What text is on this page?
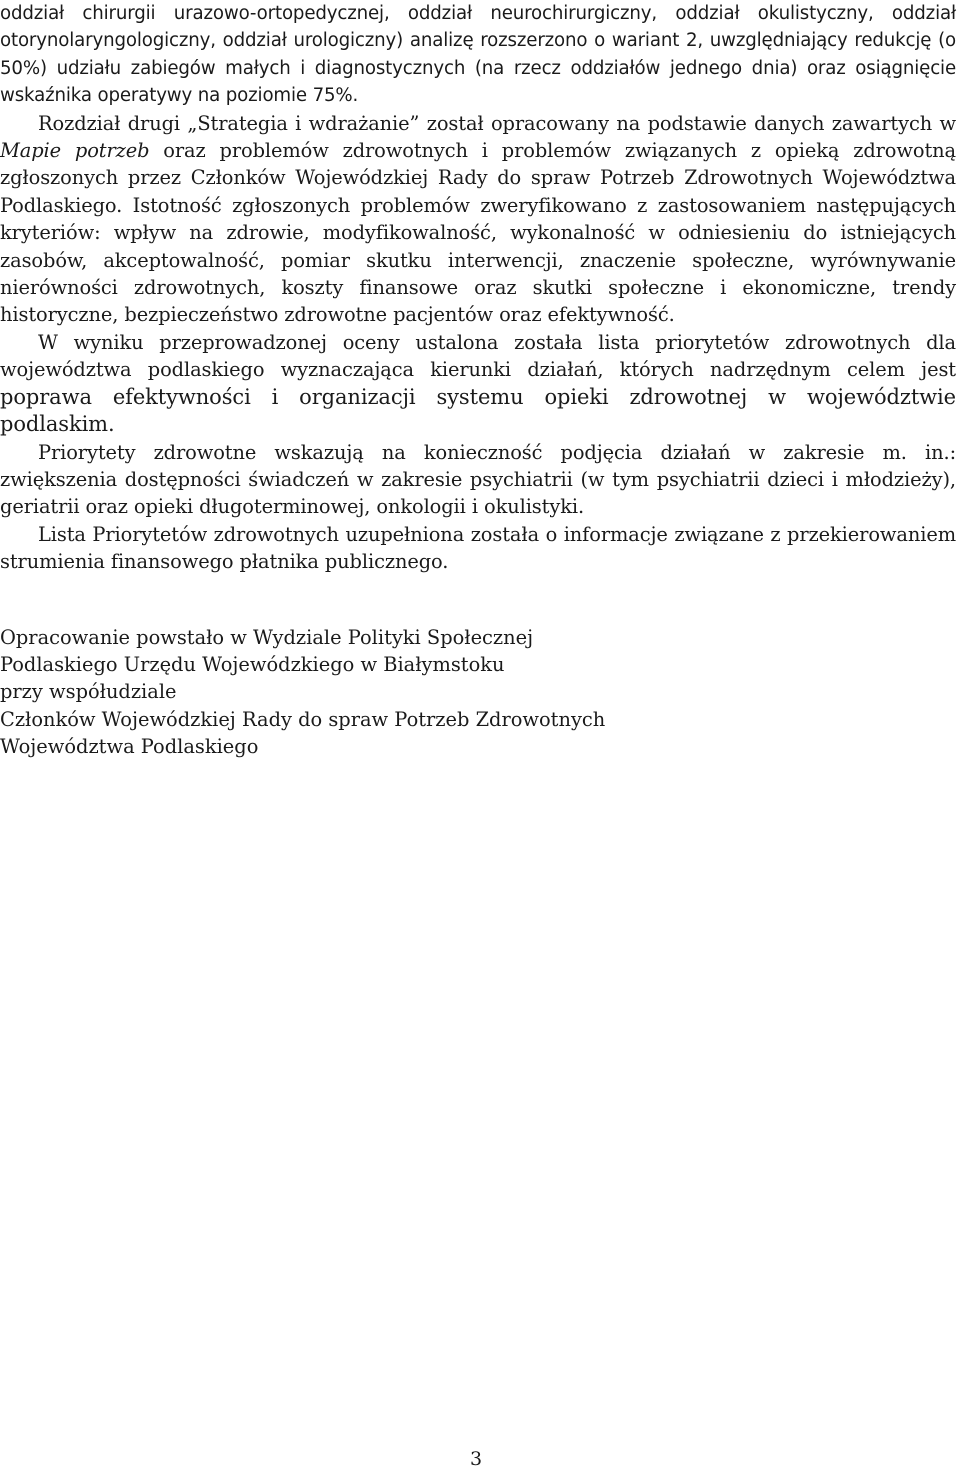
oddział chirurgii urazowo-ortopedycznej, oddział neurochirurgiczny, oddział okulistyczny, oddział otorynolaryngologiczny, oddział urologiczny) analizę rozszerzono o wariant 2, uwzględniający redukcję (o 50%) udziału zabiegów małych i diagnostycznych (na rzecz oddziałów jednego dnia) oraz osiągnięcie wskaźnika operatywy na poziomie 75%.

Rozdział drugi „Strategia i wdrażanie” został opracowany na podstawie danych zawartych w Mapie potrzeb oraz problemów zdrowotnych i problemów związanych z opieką zdrowotną zgłoszonych przez Członków Wojewódzkiej Rady do spraw Potrzeb Zdrowotnych Województwa Podlaskiego. Istotność zgłoszonych problemów zweryfikowano z zastosowaniem następujących kryteriów: wpływ na zdrowie, modyfikowalność, wykonalność w odniesieniu do istniejących zasobów, akceptowalność, pomiar skutku interwencji, znaczenie społeczne, wyrównywanie nierówności zdrowotnych, koszty finansowe oraz skutki społeczne i ekonomiczne, trendy historyczne, bezpieczeństwo zdrowotne pacjentów oraz efektywność.

W wyniku przeprowadzonej oceny ustalona została lista priorytetów zdrowotnych dla województwa podlaskiego wyznaczająca kierunki działań, których nadrzędnym celem jest poprawa efektywności i organizacji systemu opieki zdrowotnej w województwie podlaskim.

Priorytety zdrowotne wskazują na konieczność podjęcia działań w zakresie m. in.: zwiększenia dostępności świadczeń w zakresie psychiatrii (w tym psychiatrii dzieci i młodzieży), geriatrii oraz opieki długoterminowej, onkologii i okulistyki.

Lista Priorytetów zdrowotnych uzupełniona została o informacje związane z przekierowaniem strumienia finansowego płatnika publicznego.

Opracowanie powstało w Wydziale Polityki Społecznej
Podlaskiego Urzędu Wojewódzkiego w Białymstoku
przy współudziale
Członków Wojewódzkiej Rady do spraw Potrzeb Zdrowotnych
Województwa Podlaskiego
3
